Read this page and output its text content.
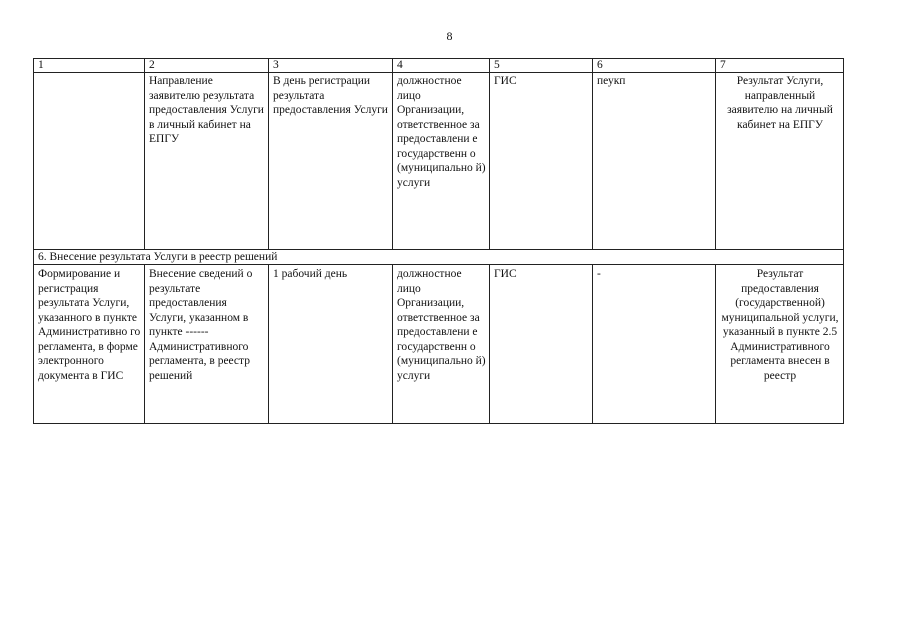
8
1	2	3	4	5	6	7
	Направление заявителю результата предоставления Услуги в личный кабинет на ЕПГУ	В день регистрации результата предоставления Услуги	должностное лицо Организации, ответственное за предоставлени е государственн о (муниципально й) услуги	ГИС	пеукп	Результат Услуги, направленный заявителю на личный кабинет на ЕПГУ
6. Внесение результата Услуги в реестр решений						
Формирование и регистрация результата Услуги, указанного в пункте Административно го регламента, в форме электронного документа в ГИС	Внесение сведений о результате предоставления Услуги, указанном в пункте ------ Административного регламента, в реестр решений	1 рабочий день	должностное лицо Организации, ответственное за предоставлени е государственн о (муниципально й) услуги	ГИС	-	Результат предоставления (государственной) муниципальной услуги, указанный в пункте 2.5 Административного регламента внесен в реестр
